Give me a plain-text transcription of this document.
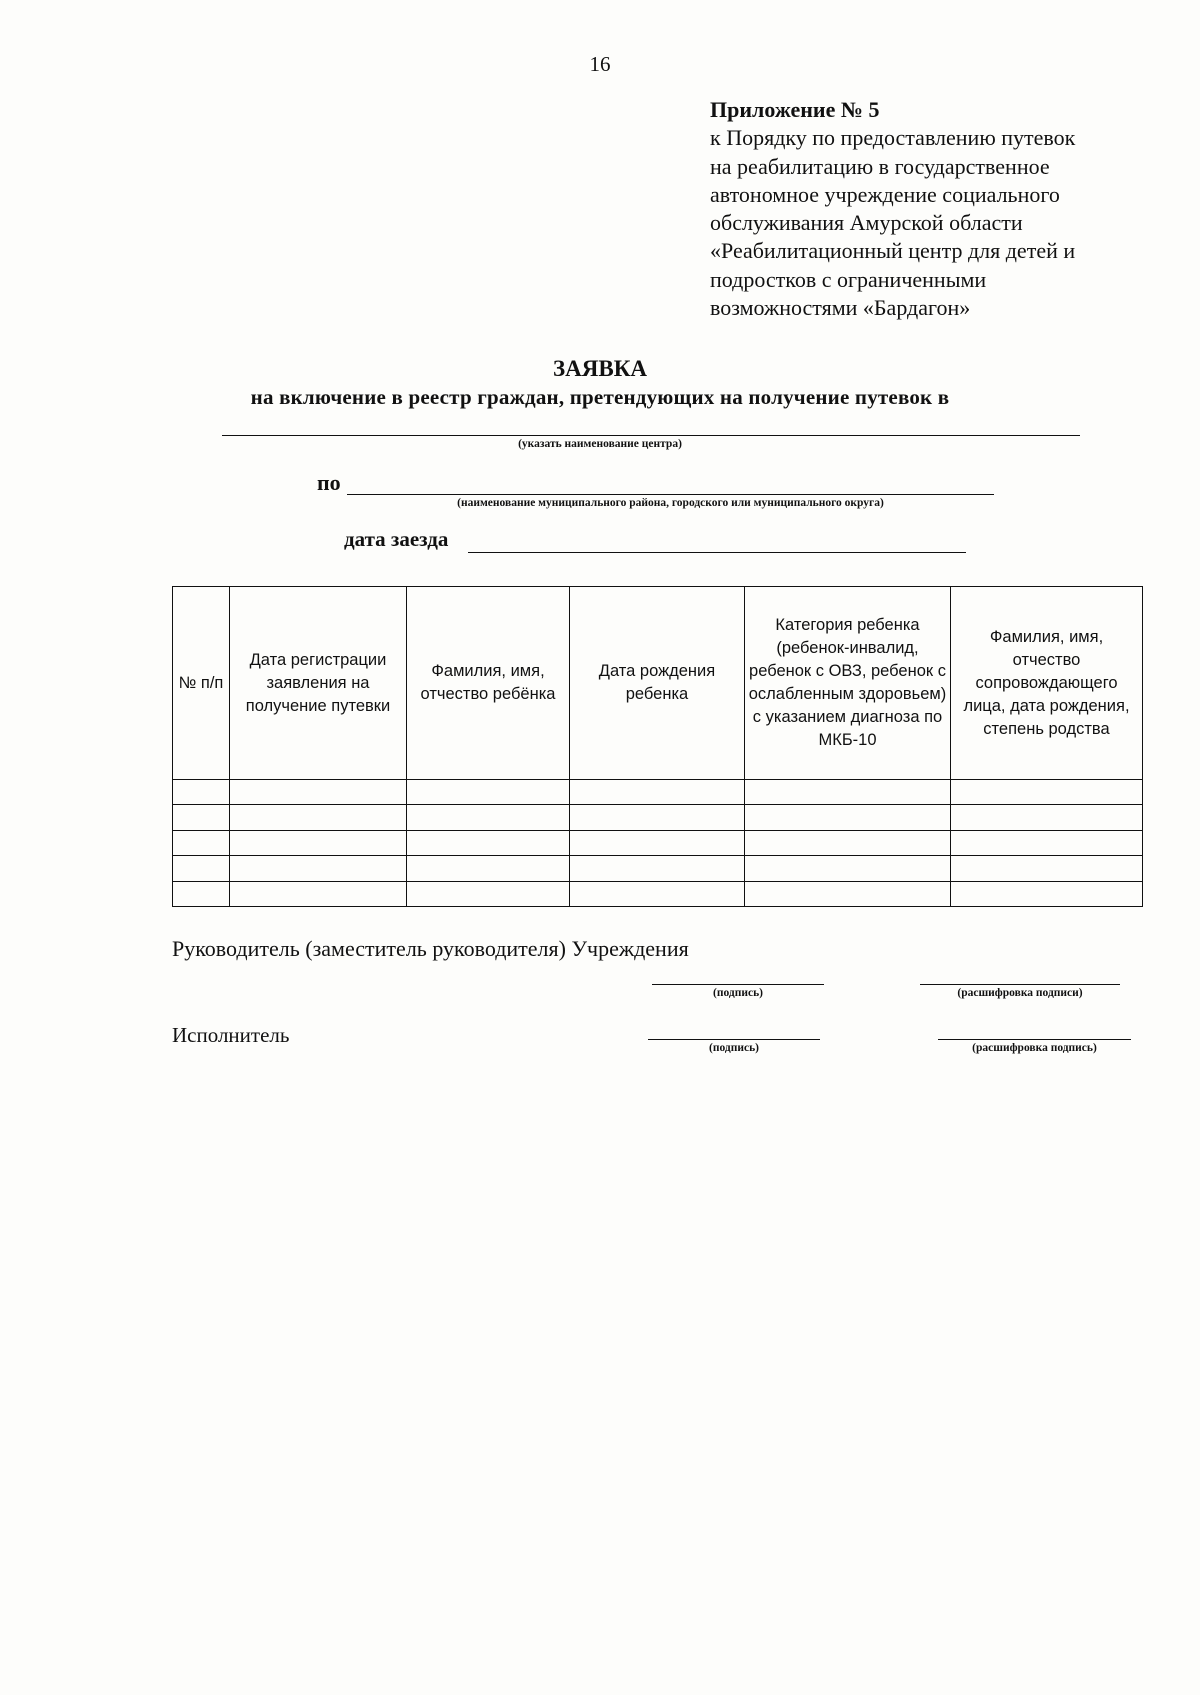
16
Приложение № 5
к Порядку по предоставлению путевок
на реабилитацию в государственное
автономное учреждение социального
обслуживания Амурской области
«Реабилитационный центр для детей и
подростков с ограниченными
возможностями «Бардагон»
ЗАЯВКА
на включение в реестр граждан, претендующих на получение путевок в
(указать наименование центра)
по
(наименование муниципального района, городского или муниципального округа)
дата заезда
№ п/п	Дата регистрации заявления на получение путевки	Фамилия, имя, отчество ребёнка	Дата рождения ребенка	Категория ребенка (ребенок-инвалид, ребенок с ОВЗ, ребенок с ослабленным здоровьем) с указанием диагноза по МКБ-10	Фамилия, имя, отчество сопровождающего лица, дата рождения, степень родства

Руководитель (заместитель руководителя) Учреждения
(подпись)	(расшифровка подписи)
Исполнитель
(подпись)	(расшифровка подпись)
